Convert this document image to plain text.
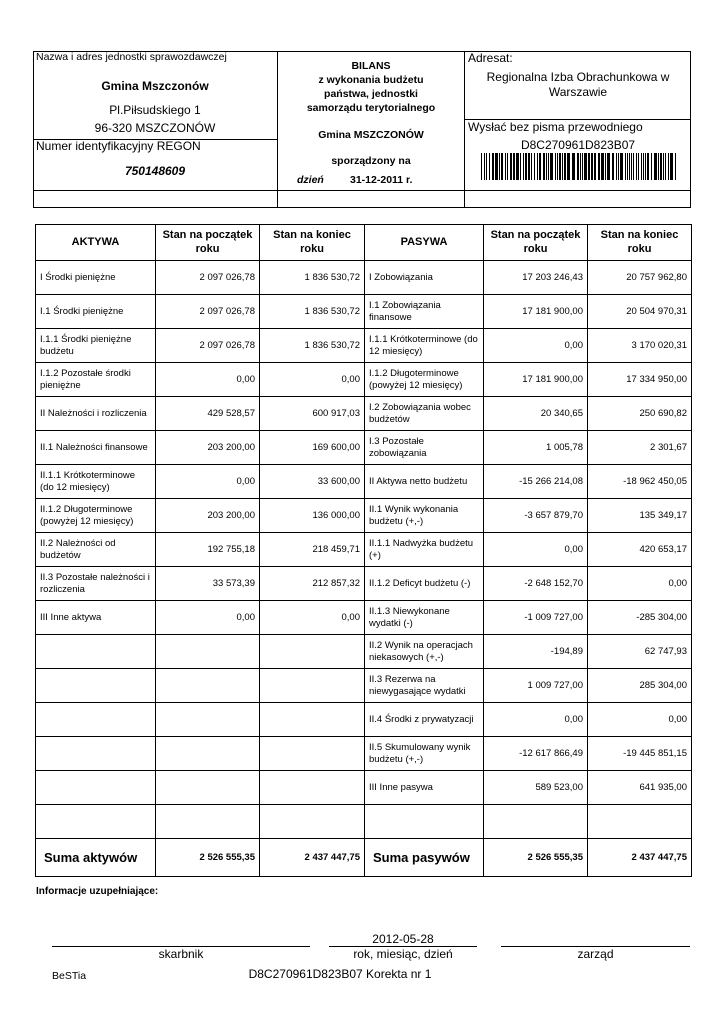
Nazwa i adres jednostki sprawozdawczej
Gmina Mszczonów
Pl.Piłsudskiego 1
96-320 MSZCZONÓW
Numer identyfikacyjny REGON
750148609
BILANS
z wykonania budżetu
państwa, jednostki
samorządu terytorialnego
Gmina MSZCZONÓW
sporządzony na
dzień 31-12-2011 r.
Adresat:
Regionalna Izba Obrachunkowa w
Warszawie
Wysłać bez pisma przewodniego
D8C270961D823B07
AKTYWA	Stan na początek roku	Stan na koniec roku	PASYWA	Stan na początek roku	Stan na koniec roku
I Środki pieniężne	2 097 026,78	1 836 530,72	I Zobowiązania	17 203 246,43	20 757 962,80
I.1 Środki pieniężne	2 097 026,78	1 836 530,72	I.1 Zobowiązania finansowe	17 181 900,00	20 504 970,31
I.1.1 Środki pieniężne budżetu	2 097 026,78	1 836 530,72	I.1.1 Krótkoterminowe (do 12 miesięcy)	0,00	3 170 020,31
I.1.2 Pozostałe środki pieniężne	0,00	0,00	I.1.2 Długoterminowe (powyżej 12 miesięcy)	17 181 900,00	17 334 950,00
II Należności i rozliczenia	429 528,57	600 917,03	I.2 Zobowiązania wobec budżetów	20 340,65	250 690,82
II.1 Należności finansowe	203 200,00	169 600,00	I.3 Pozostałe zobowiązania	1 005,78	2 301,67
II.1.1 Krótkoterminowe (do 12 miesięcy)	0,00	33 600,00	II Aktywa netto budżetu	-15 266 214,08	-18 962 450,05
II.1.2 Długoterminowe (powyżej 12 miesięcy)	203 200,00	136 000,00	II.1 Wynik wykonania budżetu (+,-)	-3 657 879,70	135 349,17
II.2 Należności od budżetów	192 755,18	218 459,71	II.1.1 Nadwyżka budżetu (+)	0,00	420 653,17
II.3 Pozostałe należności i rozliczenia	33 573,39	212 857,32	II.1.2 Deficyt budżetu (-)	-2 648 152,70	0,00
III Inne aktywa	0,00	0,00	II.1.3 Niewykonane wydatki (-)	-1 009 727,00	-285 304,00
			II.2 Wynik na operacjach niekasowych (+,-)	-194,89	62 747,93
			II.3 Rezerwa na niewygasające wydatki	1 009 727,00	285 304,00
			II.4 Środki z prywatyzacji	0,00	0,00
			II.5 Skumulowany wynik budżetu (+,-)	-12 617 866,49	-19 445 851,15
			III Inne pasywa	589 523,00	641 935,00

Suma aktywów	2 526 555,35	2 437 447,75	Suma pasywów	2 526 555,35	2 437 447,75
Informacje uzupełniające:
2012-05-28
skarbnik	rok, miesiąc, dzień	zarząd
BeSTia	D8C270961D823B07 Korekta nr 1
